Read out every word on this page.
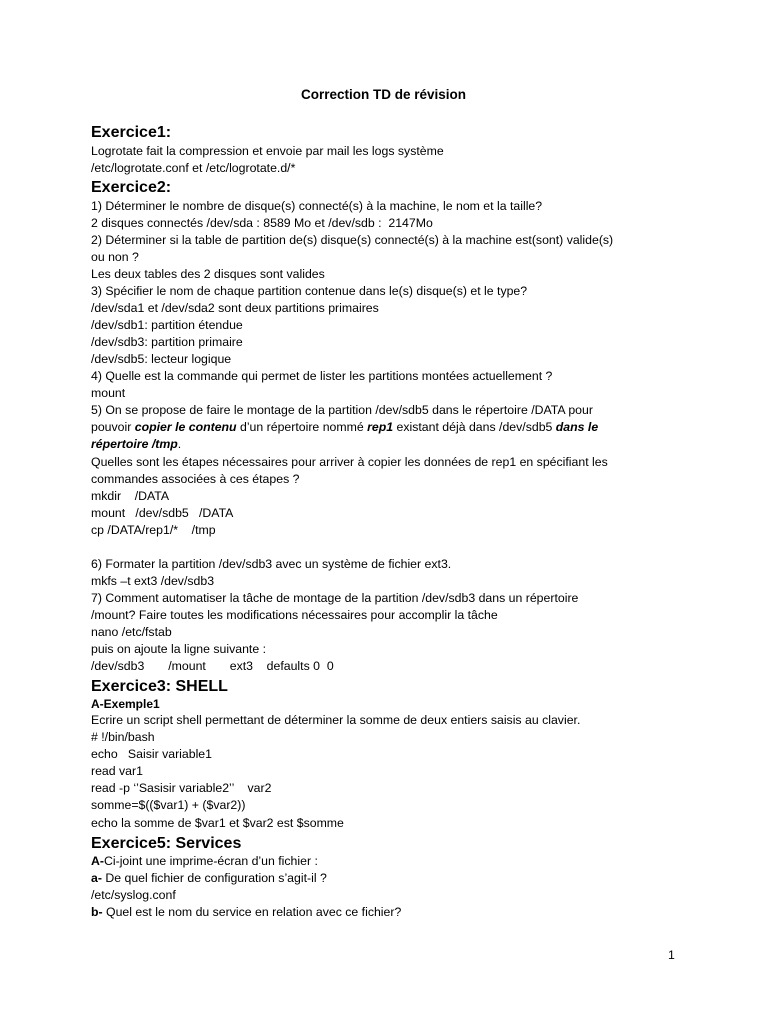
Correction TD de révision
Exercice1:
Logrotate fait la compression et envoie par mail les logs système
/etc/logrotate.conf et /etc/logrotate.d/*
Exercice2:
1) Déterminer le nombre de disque(s) connecté(s) à la machine, le nom et la taille?
2 disques connectés /dev/sda : 8589 Mo et /dev/sdb :  2147Mo
2) Déterminer si la table de partition de(s) disque(s) connecté(s) à la machine est(sont) valide(s)
ou non ?
Les deux tables des 2 disques sont valides
3) Spécifier le nom de chaque partition contenue dans le(s) disque(s) et le type?
/dev/sda1 et /dev/sda2 sont deux partitions primaires
/dev/sdb1: partition étendue
/dev/sdb3: partition primaire
/dev/sdb5: lecteur logique
4) Quelle est la commande qui permet de lister les partitions montées actuellement ?
mount
5) On se propose de faire le montage de la partition /dev/sdb5 dans le répertoire /DATA pour
pouvoir copier le contenu d’un répertoire nommé rep1 existant déjà dans /dev/sdb5 dans le
répertoire /tmp.
Quelles sont les étapes nécessaires pour arriver à copier les données de rep1 en spécifiant les
commandes associées à ces étapes ?
mkdir    /DATA
mount   /dev/sdb5   /DATA
cp /DATA/rep1/*    /tmp
6) Formater la partition /dev/sdb3 avec un système de fichier ext3.
mkfs –t ext3 /dev/sdb3
7) Comment automatiser la tâche de montage de la partition /dev/sdb3 dans un répertoire
/mount? Faire toutes les modifications nécessaires pour accomplir la tâche
nano /etc/fstab
puis on ajoute la ligne suivante :
/dev/sdb3       /mount       ext3    defaults 0  0
Exercice3: SHELL
A-Exemple1
Ecrire un script shell permettant de déterminer la somme de deux entiers saisis au clavier.
# !/bin/bash
echo   Saisir variable1
read var1
read -p ‘’Sasisir variable2’’    var2
somme=$(($var1) + ($var2))
echo la somme de $var1 et $var2 est $somme
Exercice5: Services
A-Ci-joint une imprime-écran d’un fichier :
a- De quel fichier de configuration s’agit-il ?
/etc/syslog.conf
b- Quel est le nom du service en relation avec ce fichier?
1
